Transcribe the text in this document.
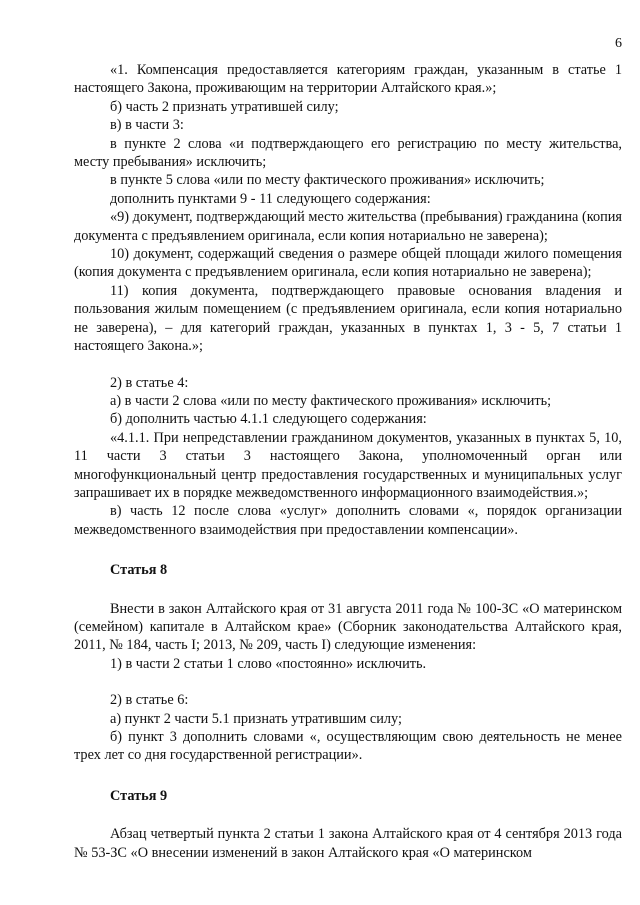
6

«1. Компенсация предоставляется категориям граждан, указанным в статье 1 настоящего Закона, проживающим на территории Алтайского края.»;

б) часть 2 признать утратившей силу;

в) в части 3:

в пункте 2 слова «и подтверждающего его регистрацию по месту жительства, месту пребывания» исключить;

в пункте 5 слова «или по месту фактического проживания» исключить;

дополнить пунктами 9 - 11 следующего содержания:

«9) документ, подтверждающий место жительства (пребывания) гражданина (копия документа с предъявлением оригинала, если копия нотариально не заверена);

10) документ, содержащий сведения о размере общей площади жилого помещения (копия документа с предъявлением оригинала, если копия нотариально не заверена);

11) копия документа, подтверждающего правовые основания владения и пользования жилым помещением (с предъявлением оригинала, если копия нотариально не заверена), – для категорий граждан, указанных в пунктах 1, 3 - 5, 7 статьи 1 настоящего Закона.»;

2) в статье 4:

а) в части 2 слова «или по месту фактического проживания» исключить;

б) дополнить частью 4.1.1 следующего содержания:

«4.1.1. При непредставлении гражданином документов, указанных в пунктах 5, 10, 11 части 3 статьи 3 настоящего Закона, уполномоченный орган или многофункциональный центр предоставления государственных и муниципальных услуг запрашивает их в порядке межведомственного информационного взаимодействия.»;

в) часть 12 после слова «услуг» дополнить словами «, порядок организации межведомственного взаимодействия при предоставлении компенсации».

Статья 8

Внести в закон Алтайского края от 31 августа 2011 года № 100-ЗС «О материнском (семейном) капитале в Алтайском крае» (Сборник законодательства Алтайского края, 2011, № 184, часть I; 2013, № 209, часть I) следующие изменения:

1) в части 2 статьи 1 слово «постоянно» исключить.

2) в статье 6:

а) пункт 2 части 5.1 признать утратившим силу;

б) пункт 3 дополнить словами «, осуществляющим свою деятельность не менее трех лет со дня государственной регистрации».

Статья 9

Абзац четвертый пункта 2 статьи 1 закона Алтайского края от 4 сентября 2013 года № 53-ЗС «О внесении изменений в закон Алтайского края «О материнском
